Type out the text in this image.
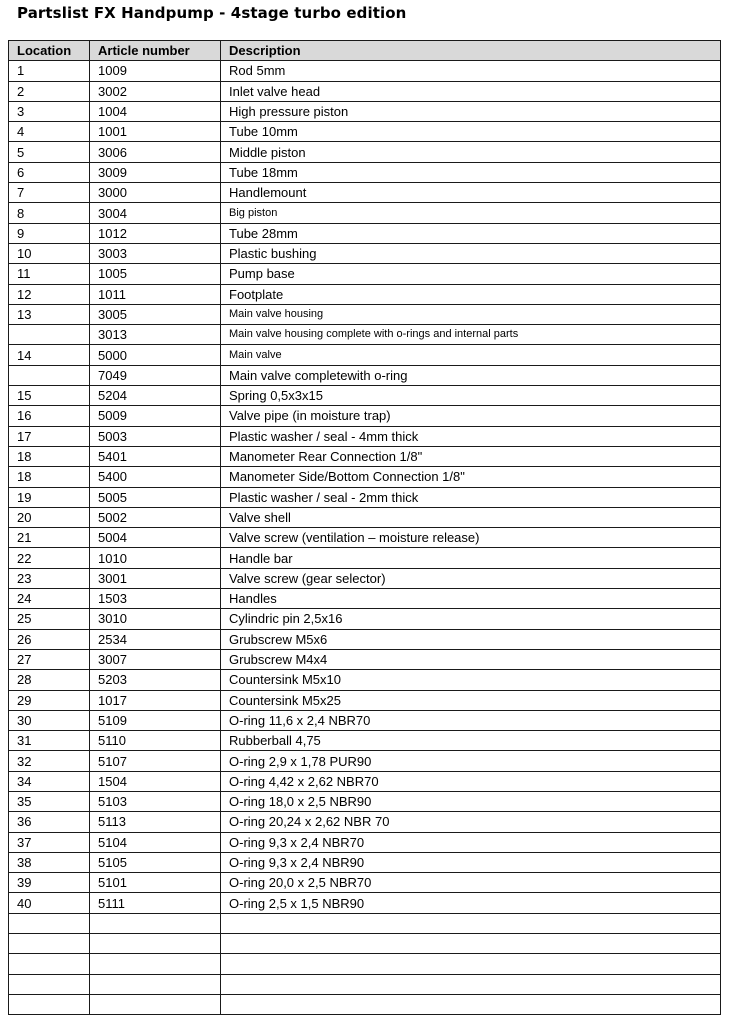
Partslist FX Handpump - 4stage turbo edition
Location	Article number	Description
1	1009	Rod 5mm
2	3002	Inlet valve head
3	1004	High pressure piston
4	1001	Tube 10mm
5	3006	Middle piston
6	3009	Tube 18mm
7	3000	Handlemount
8	3004	Big piston
9	1012	Tube 28mm
10	3003	Plastic bushing
11	1005	Pump base
12	1011	Footplate
13	3005	Main valve housing
	3013	Main valve housing complete with o-rings and internal parts
14	5000	Main valve
	7049	Main valve completewith o-ring
15	5204	Spring 0,5x3x15
16	5009	Valve pipe (in moisture trap)
17	5003	Plastic washer / seal - 4mm thick
18	5401	Manometer Rear Connection 1/8"
18	5400	Manometer Side/Bottom Connection 1/8"
19	5005	Plastic washer / seal - 2mm thick
20	5002	Valve shell
21	5004	Valve screw (ventilation – moisture release)
22	1010	Handle bar
23	3001	Valve screw (gear selector)
24	1503	Handles
25	3010	Cylindric pin 2,5x16
26	2534	Grubscrew M5x6
27	3007	Grubscrew M4x4
28	5203	Countersink M5x10
29	1017	Countersink M5x25
30	5109	O-ring 11,6 x 2,4 NBR70
31	5110	Rubberball 4,75
32	5107	O-ring 2,9 x 1,78 PUR90
34	1504	O-ring 4,42 x 2,62 NBR70
35	5103	O-ring 18,0 x 2,5 NBR90
36	5113	O-ring 20,24 x 2,62 NBR 70
37	5104	O-ring 9,3 x 2,4 NBR70
38	5105	O-ring 9,3 x 2,4 NBR90
39	5101	O-ring 20,0 x 2,5 NBR70
40	5111	O-ring 2,5 x 1,5 NBR90
